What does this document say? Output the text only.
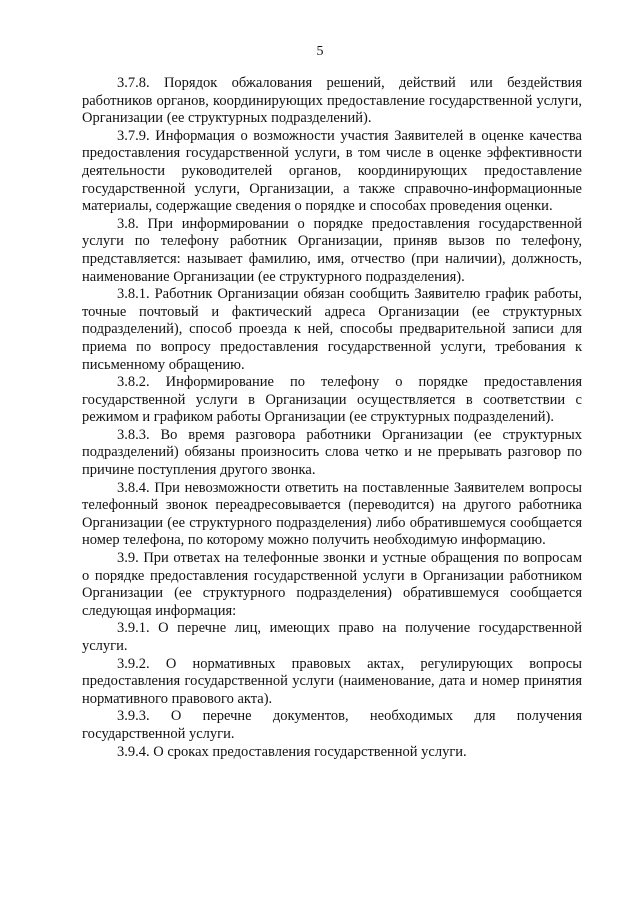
5

3.7.8. Порядок обжалования решений, действий или бездействия работников органов, координирующих предоставление государственной услуги, Организации (ее структурных подразделений).

3.7.9. Информация о возможности участия Заявителей в оценке качества предоставления государственной услуги, в том числе в оценке эффективности деятельности руководителей органов, координирующих предоставление государственной услуги, Организации, а также справочно-информационные материалы, содержащие сведения о порядке и способах проведения оценки.

3.8. При информировании о порядке предоставления государственной услуги по телефону работник Организации, приняв вызов по телефону, представляется: называет фамилию, имя, отчество (при наличии), должность, наименование Организации (ее структурного подразделения).

3.8.1. Работник Организации обязан сообщить Заявителю график работы, точные почтовый и фактический адреса Организации (ее структурных подразделений), способ проезда к ней, способы предварительной записи для приема по вопросу предоставления государственной услуги, требования к письменному обращению.

3.8.2. Информирование по телефону о порядке предоставления государственной услуги в Организации осуществляется в соответствии с режимом и графиком работы Организации (ее структурных подразделений).

3.8.3. Во время разговора работники Организации (ее структурных подразделений) обязаны произносить слова четко и не прерывать разговор по причине поступления другого звонка.

3.8.4. При невозможности ответить на поставленные Заявителем вопросы телефонный звонок переадресовывается (переводится) на другого работника Организации (ее структурного подразделения) либо обратившемуся сообщается номер телефона, по которому можно получить необходимую информацию.

3.9. При ответах на телефонные звонки и устные обращения по вопросам о порядке предоставления государственной услуги в Организации работником Организации (ее структурного подразделения) обратившемуся сообщается следующая информация:

3.9.1. О перечне лиц, имеющих право на получение государственной услуги.

3.9.2. О нормативных правовых актах, регулирующих вопросы предоставления государственной услуги (наименование, дата и номер принятия нормативного правового акта).

3.9.3. О перечне документов, необходимых для получения государственной услуги.

3.9.4. О сроках предоставления государственной услуги.
